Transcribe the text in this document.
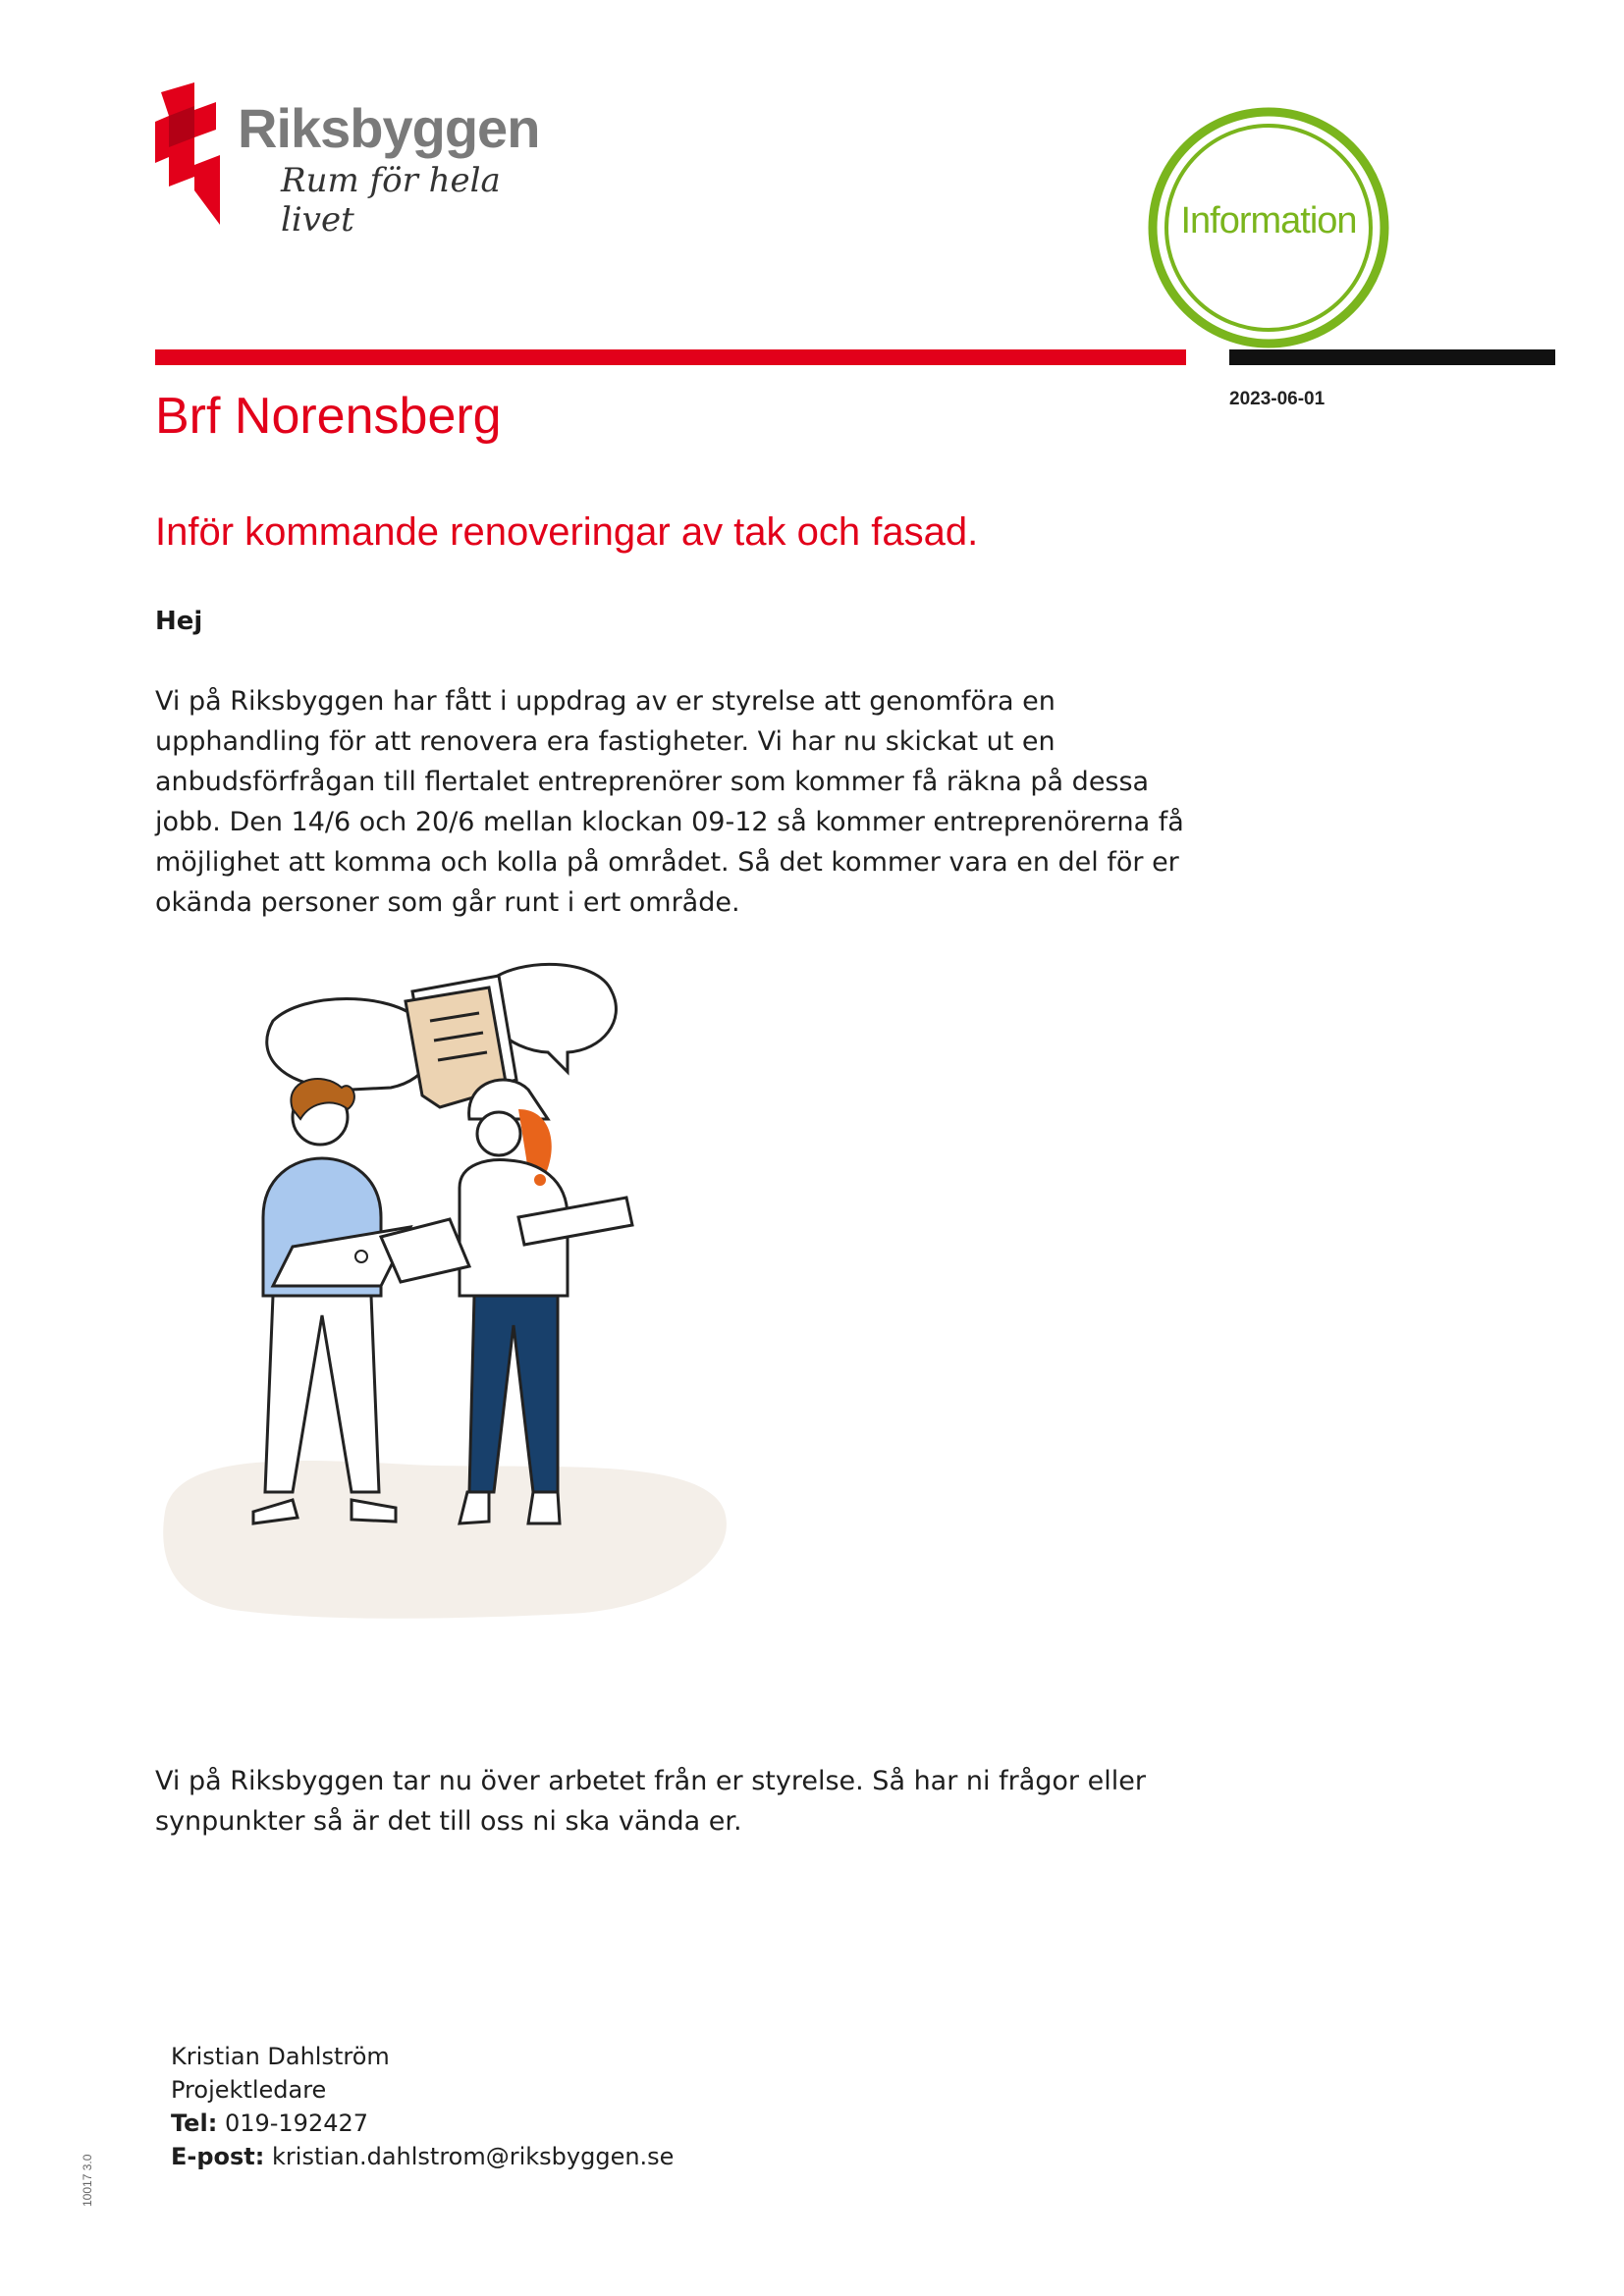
Riksbyggen
Rum för hela livet	Information
2023-06-01
Brf Norensberg
Inför kommande renoveringar av tak och fasad.
Hej

Vi på Riksbyggen har fått i uppdrag av er styrelse att genomföra en upphandling för att renovera era fastigheter. Vi har nu skickat ut en anbudsförfrågan till flertalet entreprenörer som kommer få räkna på dessa jobb. Den 14/6 och 20/6 mellan klockan 09-12 så kommer entreprenörerna få möjlighet att komma och kolla på området. Så det kommer vara en del för er okända personer som går runt i ert område.

Vi på Riksbyggen tar nu över arbetet från er styrelse. Så har ni frågor eller synpunkter så är det till oss ni ska vända er.

Kristian Dahlström
Projektledare
Tel: 019-192427
E-post: kristian.dahlstrom@riksbyggen.se
10017 3.0
